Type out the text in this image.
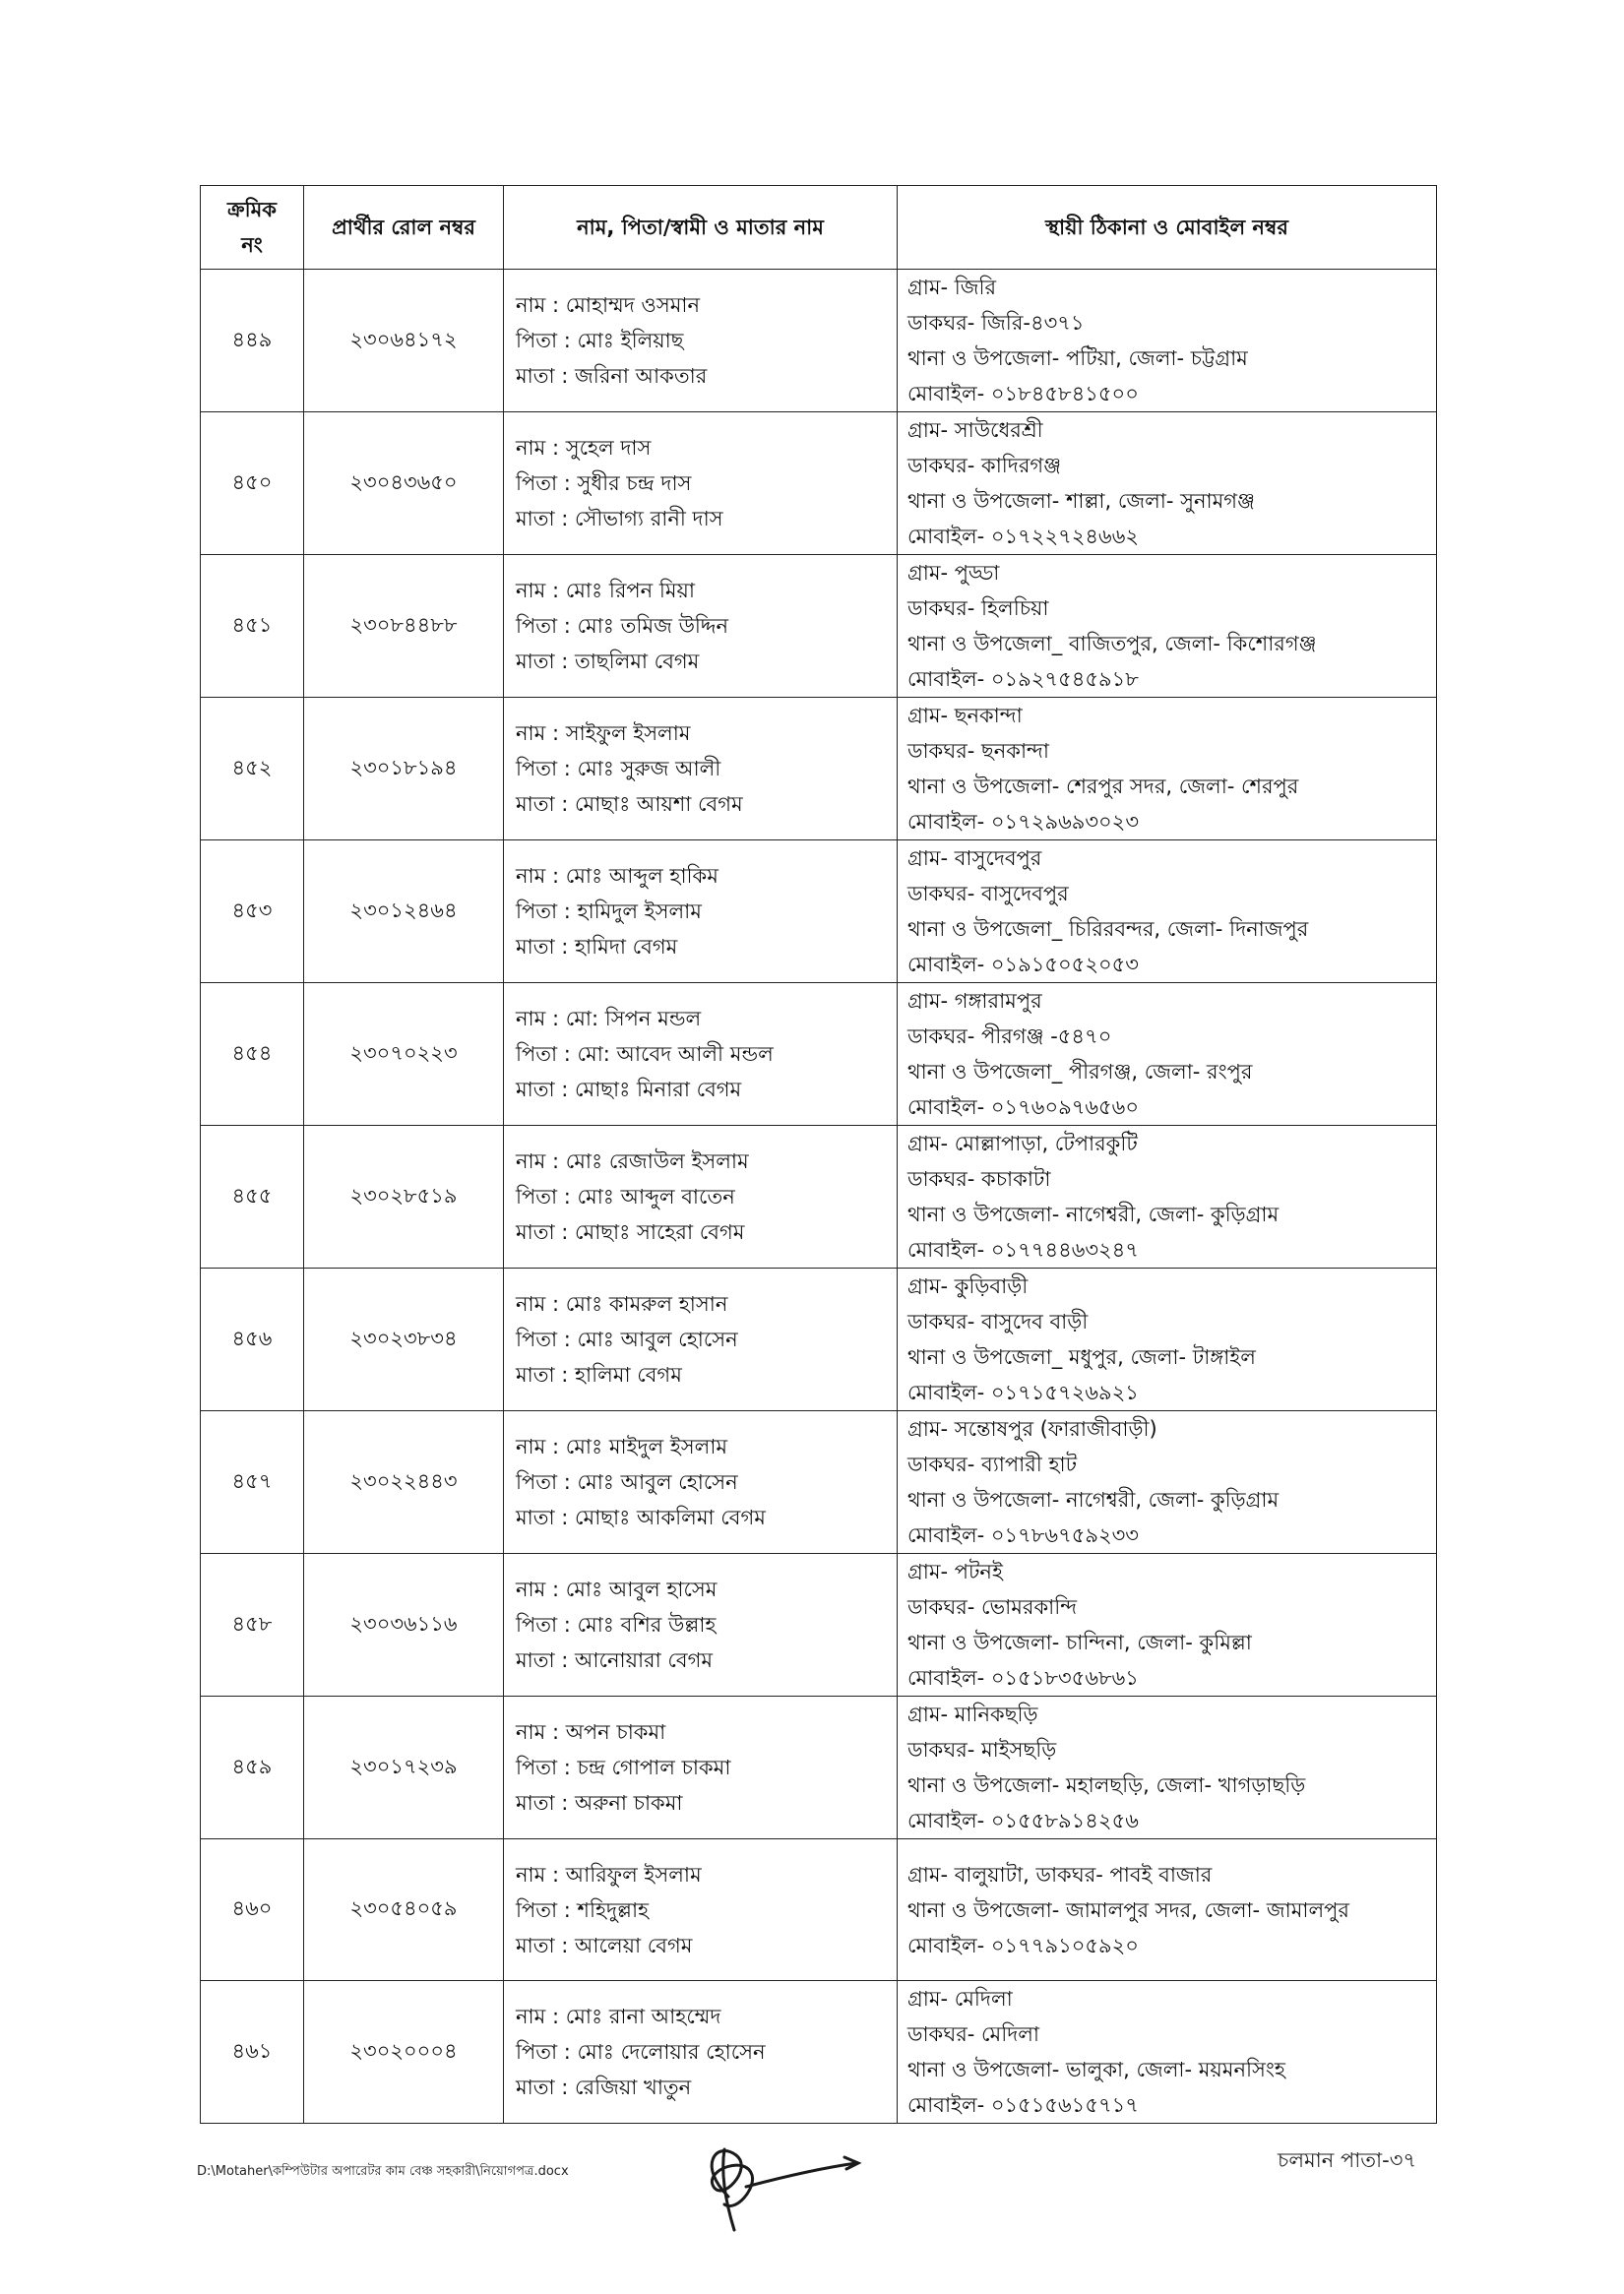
ক্রমিক
নং	প্রার্থীর রোল নম্বর	নাম, পিতা/স্বামী ও মাতার নাম	স্থায়ী ঠিকানা ও মোবাইল নম্বর
৪৪৯	২৩০৬৪১৭২	নাম : মোহাম্মদ ওসমান
পিতা : মোঃ ইলিয়াছ
মাতা : জরিনা আকতার	গ্রাম- জিরি
ডাকঘর- জিরি-৪৩৭১
থানা ও উপজেলা- পটিয়া, জেলা- চট্টগ্রাম
মোবাইল- ০১৮৪৫৮৪১৫০০

৪৫০	২৩০৪৩৬৫০	নাম : সুহেল দাস
পিতা : সুধীর চন্দ্র দাস
মাতা : সৌভাগ্য রানী দাস	গ্রাম- সাউধেরশ্রী
ডাকঘর- কাদিরগঞ্জ
থানা ও উপজেলা- শাল্লা, জেলা- সুনামগঞ্জ
মোবাইল- ০১৭২২৭২৪৬৬২

৪৫১	২৩০৮৪৪৮৮	নাম : মোঃ রিপন মিয়া
পিতা : মোঃ তমিজ উদ্দিন
মাতা : তাছলিমা বেগম	গ্রাম- পুড্ডা
ডাকঘর- হিলচিয়া
থানা ও উপজেলা_ বাজিতপুর, জেলা- কিশোরগঞ্জ
মোবাইল- ০১৯২৭৫৪৫৯১৮

৪৫২	২৩০১৮১৯৪	নাম : সাইফুল ইসলাম
পিতা : মোঃ সুরুজ আলী
মাতা : মোছাঃ আয়শা বেগম	গ্রাম- ছনকান্দা
ডাকঘর- ছনকান্দা
থানা ও উপজেলা- শেরপুর সদর, জেলা- শেরপুর
মোবাইল- ০১৭২৯৬৯৩০২৩

৪৫৩	২৩০১২৪৬৪	নাম : মোঃ আব্দুল হাকিম
পিতা : হামিদুল ইসলাম
মাতা : হামিদা বেগম	গ্রাম- বাসুদেবপুর
ডাকঘর- বাসুদেবপুর
থানা ও উপজেলা_ চিরিরবন্দর, জেলা- দিনাজপুর
মোবাইল- ০১৯১৫০৫২০৫৩

৪৫৪	২৩০৭০২২৩	নাম : মো: সিপন মন্ডল
পিতা : মো: আবেদ আলী মন্ডল
মাতা : মোছাঃ মিনারা বেগম	গ্রাম- গঙ্গারামপুর
ডাকঘর- পীরগঞ্জ -৫৪৭০
থানা ও উপজেলা_ পীরগঞ্জ, জেলা- রংপুর
মোবাইল- ০১৭৬০৯৭৬৫৬০

৪৫৫	২৩০২৮৫১৯	নাম : মোঃ রেজাউল ইসলাম
পিতা : মোঃ আব্দুল বাতেন
মাতা : মোছাঃ সাহেরা বেগম	গ্রাম- মোল্লাপাড়া, টেপারকুটি
ডাকঘর- কচাকাটা
থানা ও উপজেলা- নাগেশ্বরী, জেলা- কুড়িগ্রাম
মোবাইল- ০১৭৭৪৪৬৩২৪৭

৪৫৬	২৩০২৩৮৩৪	নাম : মোঃ কামরুল হাসান
পিতা : মোঃ আবুল হোসেন
মাতা : হালিমা বেগম	গ্রাম- কুড়িবাড়ী
ডাকঘর- বাসুদেব বাড়ী
থানা ও উপজেলা_ মধুপুর, জেলা- টাঙ্গাইল
মোবাইল- ০১৭১৫৭২৬৯২১

৪৫৭	২৩০২২৪৪৩	নাম : মোঃ মাইদুল ইসলাম
পিতা : মোঃ আবুল হোসেন
মাতা : মোছাঃ আকলিমা বেগম	গ্রাম- সন্তোষপুর (ফারাজীবাড়ী)
ডাকঘর- ব্যাপারী হাট
থানা ও উপজেলা- নাগেশ্বরী, জেলা- কুড়িগ্রাম
মোবাইল- ০১৭৮৬৭৫৯২৩৩

৪৫৮	২৩০৩৬১১৬	নাম : মোঃ আবুল হাসেম
পিতা : মোঃ বশির উল্লাহ
মাতা : আনোয়ারা বেগম	গ্রাম- পটনই
ডাকঘর- ভোমরকান্দি
থানা ও উপজেলা- চান্দিনা, জেলা- কুমিল্লা
মোবাইল- ০১৫১৮৩৫৬৮৬১

৪৫৯	২৩০১৭২৩৯	নাম : অপন চাকমা
পিতা : চন্দ্র গোপাল চাকমা
মাতা : অরুনা চাকমা	গ্রাম- মানিকছড়ি
ডাকঘর- মাইসছড়ি
থানা ও উপজেলা- মহালছড়ি, জেলা- খাগড়াছড়ি
মোবাইল- ০১৫৫৮৯১৪২৫৬

৪৬০	২৩০৫৪০৫৯	নাম : আরিফুল ইসলাম
পিতা : শহিদুল্লাহ
মাতা : আলেয়া বেগম	গ্রাম- বালুয়াটা, ডাকঘর- পাবই বাজার
থানা ও উপজেলা- জামালপুর সদর, জেলা- জামালপুর
মোবাইল- ০১৭৭৯১০৫৯২০

৪৬১	২৩০২০০০৪	নাম : মোঃ রানা আহম্মেদ
পিতা : মোঃ দেলোয়ার হোসেন
মাতা : রেজিয়া খাতুন	গ্রাম- মেদিলা
ডাকঘর- মেদিলা
থানা ও উপজেলা- ভালুকা, জেলা- ময়মনসিংহ
মোবাইল- ০১৫১৫৬১৫৭১৭
D:\Motaher\কম্পিউটার অপারেটর কাম বেঞ্চ সহকারী\নিয়োগপত্র.docx	চলমান পাতা-৩৭
